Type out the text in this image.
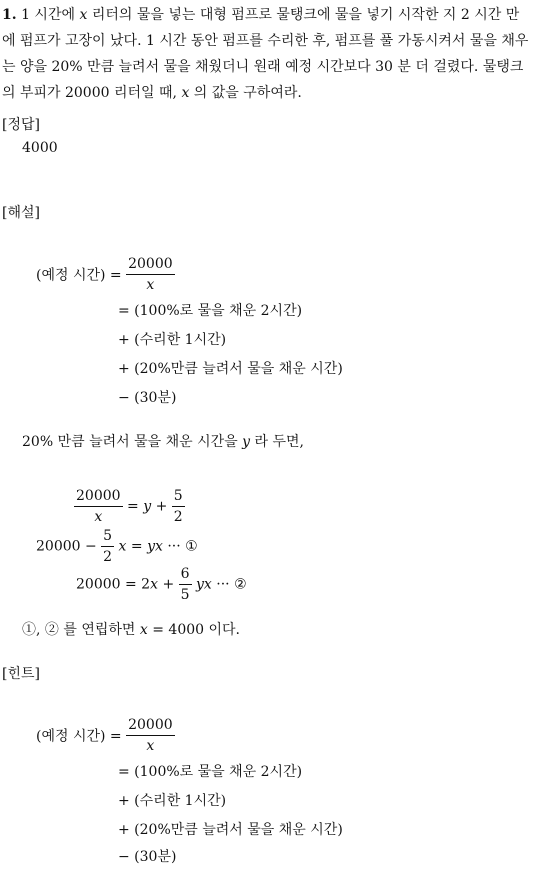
1. 1 시간에 x 리터의 물을 넣는 대형 펌프로 물탱크에 물을 넣기 시작한 지 2 시간 만에 펌프가 고장이 났다. 1 시간 동안 펌프를 수리한 후, 펌프를 풀 가동시켜서 물을 채우는 양을 20% 만큼 늘려서 물을 채웠더니 원래 예정 시간보다 30 분 더 걸렸다. 물탱크의 부피가 20000 리터일 때, x 의 값을 구하여라.
[정답]
4000
[해설]
(예정 시간) = $\frac{20000}{x}$
= (100%로 물을 채운 2시간)
+ (수리한 1시간)
+ (20%만큼 늘려서 물을 채운 시간)
− (30분)
20% 만큼 늘려서 물을 채운 시간을 y 라 두면,
$\frac{20000}{x} = y + \frac{5}{2}$
$20000 - \frac{5}{2}$ x = yx ··· ①
$20000 = 2x + \frac{6}{5}$ yx ··· ②
①, ② 를 연립하면 x = 4000 이다.
[힌트]
(예정 시간) = $\frac{20000}{x}$
= (100%로 물을 채운 2시간)
+ (수리한 1시간)
+ (20%만큼 늘려서 물을 채운 시간)
− (30분)
